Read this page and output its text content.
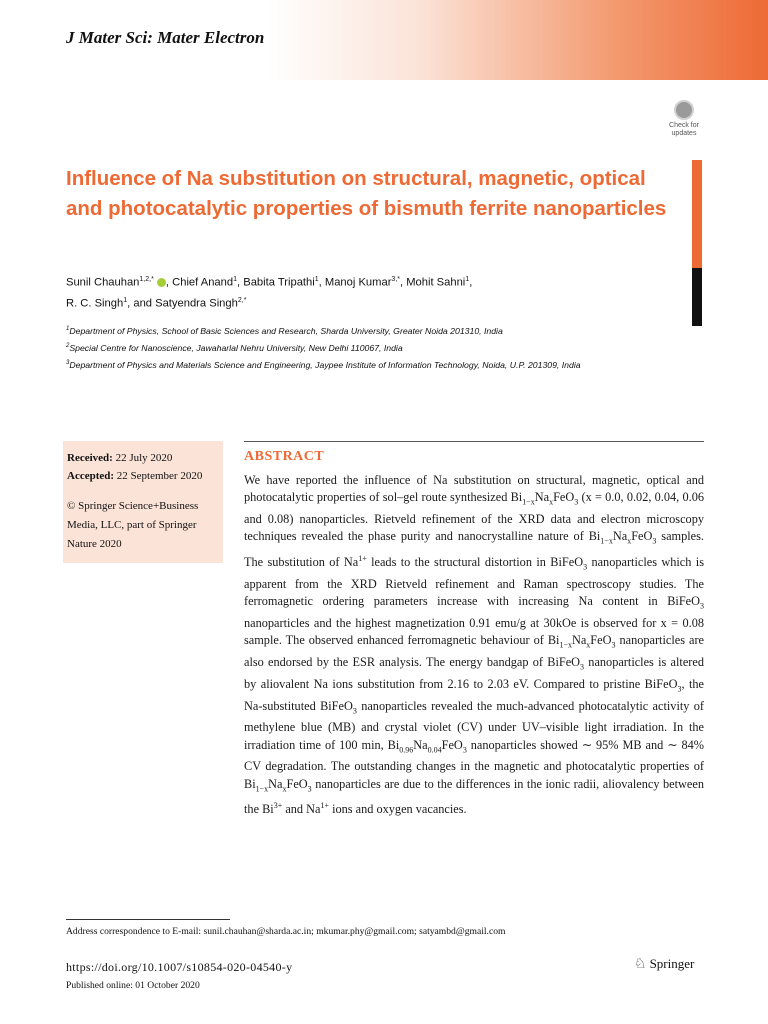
J Mater Sci: Mater Electron
Check for updates
Influence of Na substitution on structural, magnetic, optical and photocatalytic properties of bismuth ferrite nanoparticles
Sunil Chauhan$^{1,2,*}$ , Chief Anand$^1$, Babita Tripathi$^1$, Manoj Kumar$^{3,*}$, Mohit Sahni$^1$,
R. C. Singh$^1$, and Satyendra Singh$^{2,*}$
$^1$Department of Physics, School of Basic Sciences and Research, Sharda University, Greater Noida 201310, India
$^2$Special Centre for Nanoscience, Jawaharlal Nehru University, New Delhi 110067, India
$^3$Department of Physics and Materials Science and Engineering, Jaypee Institute of Information Technology, Noida, U.P. 201309, India
Received: 22 July 2020
Accepted: 22 September 2020
© Springer Science+Business Media, LLC, part of Springer Nature 2020
ABSTRACT
We have reported the influence of Na substitution on structural, magnetic, optical and photocatalytic properties of sol–gel route synthesized $Bi_{1-x}Na_xFeO_3$ (x = 0.0, 0.02, 0.04, 0.06 and 0.08) nanoparticles. Rietveld refinement of the XRD data and electron microscopy techniques revealed the phase purity and nanocrystalline nature of $Bi_{1-x}Na_xFeO_3$ samples. The substitution of $Na^{1+}$ leads to the structural distortion in BiFeO$_3$ nanoparticles which is apparent from the XRD Rietveld refinement and Raman spectroscopy studies. The ferromagnetic ordering parameters increase with increasing Na content in BiFeO$_3$ nanoparticles and the highest magnetization 0.91 emu/g at 30kOe is observed for x = 0.08 sample. The observed enhanced ferromagnetic behaviour of $Bi_{1-x}Na_xFeO_3$ nanoparticles are also endorsed by the ESR analysis. The energy bandgap of BiFeO$_3$ nanoparticles is altered by aliovalent Na ions substitution from 2.16 to 2.03 eV. Compared to pristine BiFeO$_3$, the Na-substituted BiFeO$_3$ nanoparticles revealed the much-advanced photocatalytic activity of methylene blue (MB) and crystal violet (CV) under UV–visible light irradiation. In the irradiation time of 100 min, $Bi_{0.96}Na_{0.04}FeO_3$ nanoparticles showed ∼ 95% MB and ∼ 84% CV degradation. The outstanding changes in the magnetic and photocatalytic properties of $Bi_{1-x}Na_xFeO_3$ nanoparticles are due to the differences in the ionic radii, aliovalency between the $Bi^{3+}$ and $Na^{1+}$ ions and oxygen vacancies.
Address correspondence to E-mail: sunil.chauhan@sharda.ac.in; mkumar.phy@gmail.com; satyambd@gmail.com
https://doi.org/10.1007/s10854-020-04540-y
Published online: 01 October 2020
♘ Springer
